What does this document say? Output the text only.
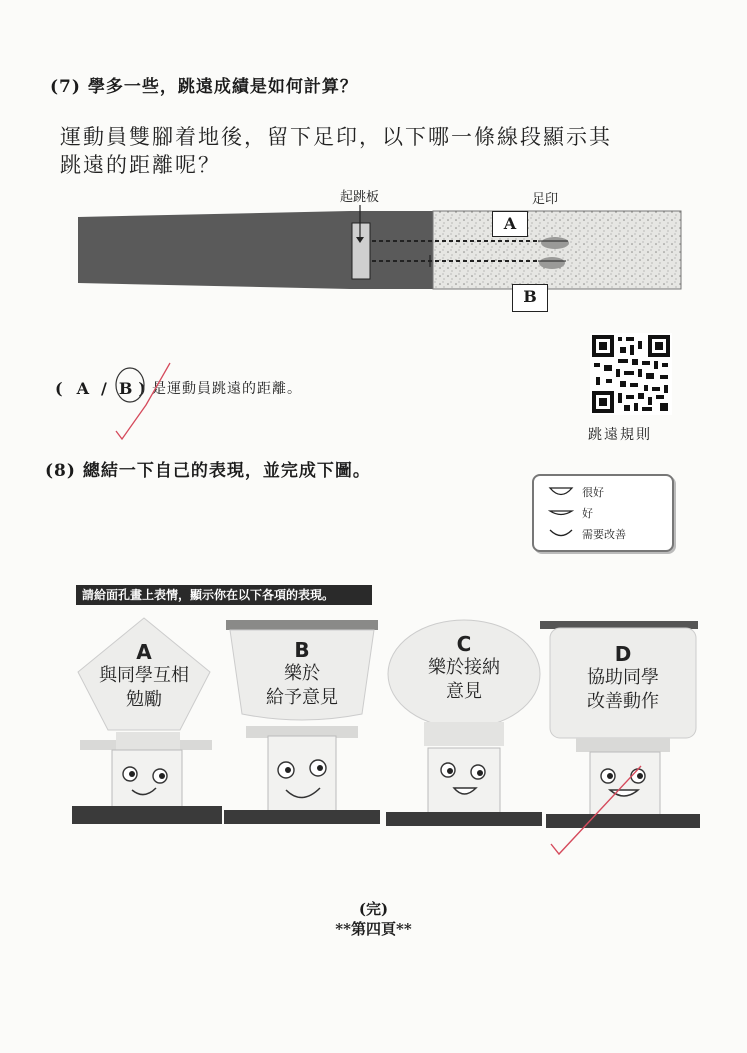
(7) 學多一些，跳遠成績是如何計算？
運動員雙腳着地後，留下足印，以下哪一條線段顯示其
跳遠的距離呢？
起跳板	足印
A
B
跳遠規則
( A / B ) 是運動員跳遠的距離。
(8) 總結一下自己的表現，並完成下圖。
很好
好
需要改善
請給面孔畫上表情，顯示你在以下各項的表現。
A
與同學互相
勉勵
B
樂於
給予意見
C
樂於接納
意見
D
協助同學
改善動作
(完)
**第四頁**
